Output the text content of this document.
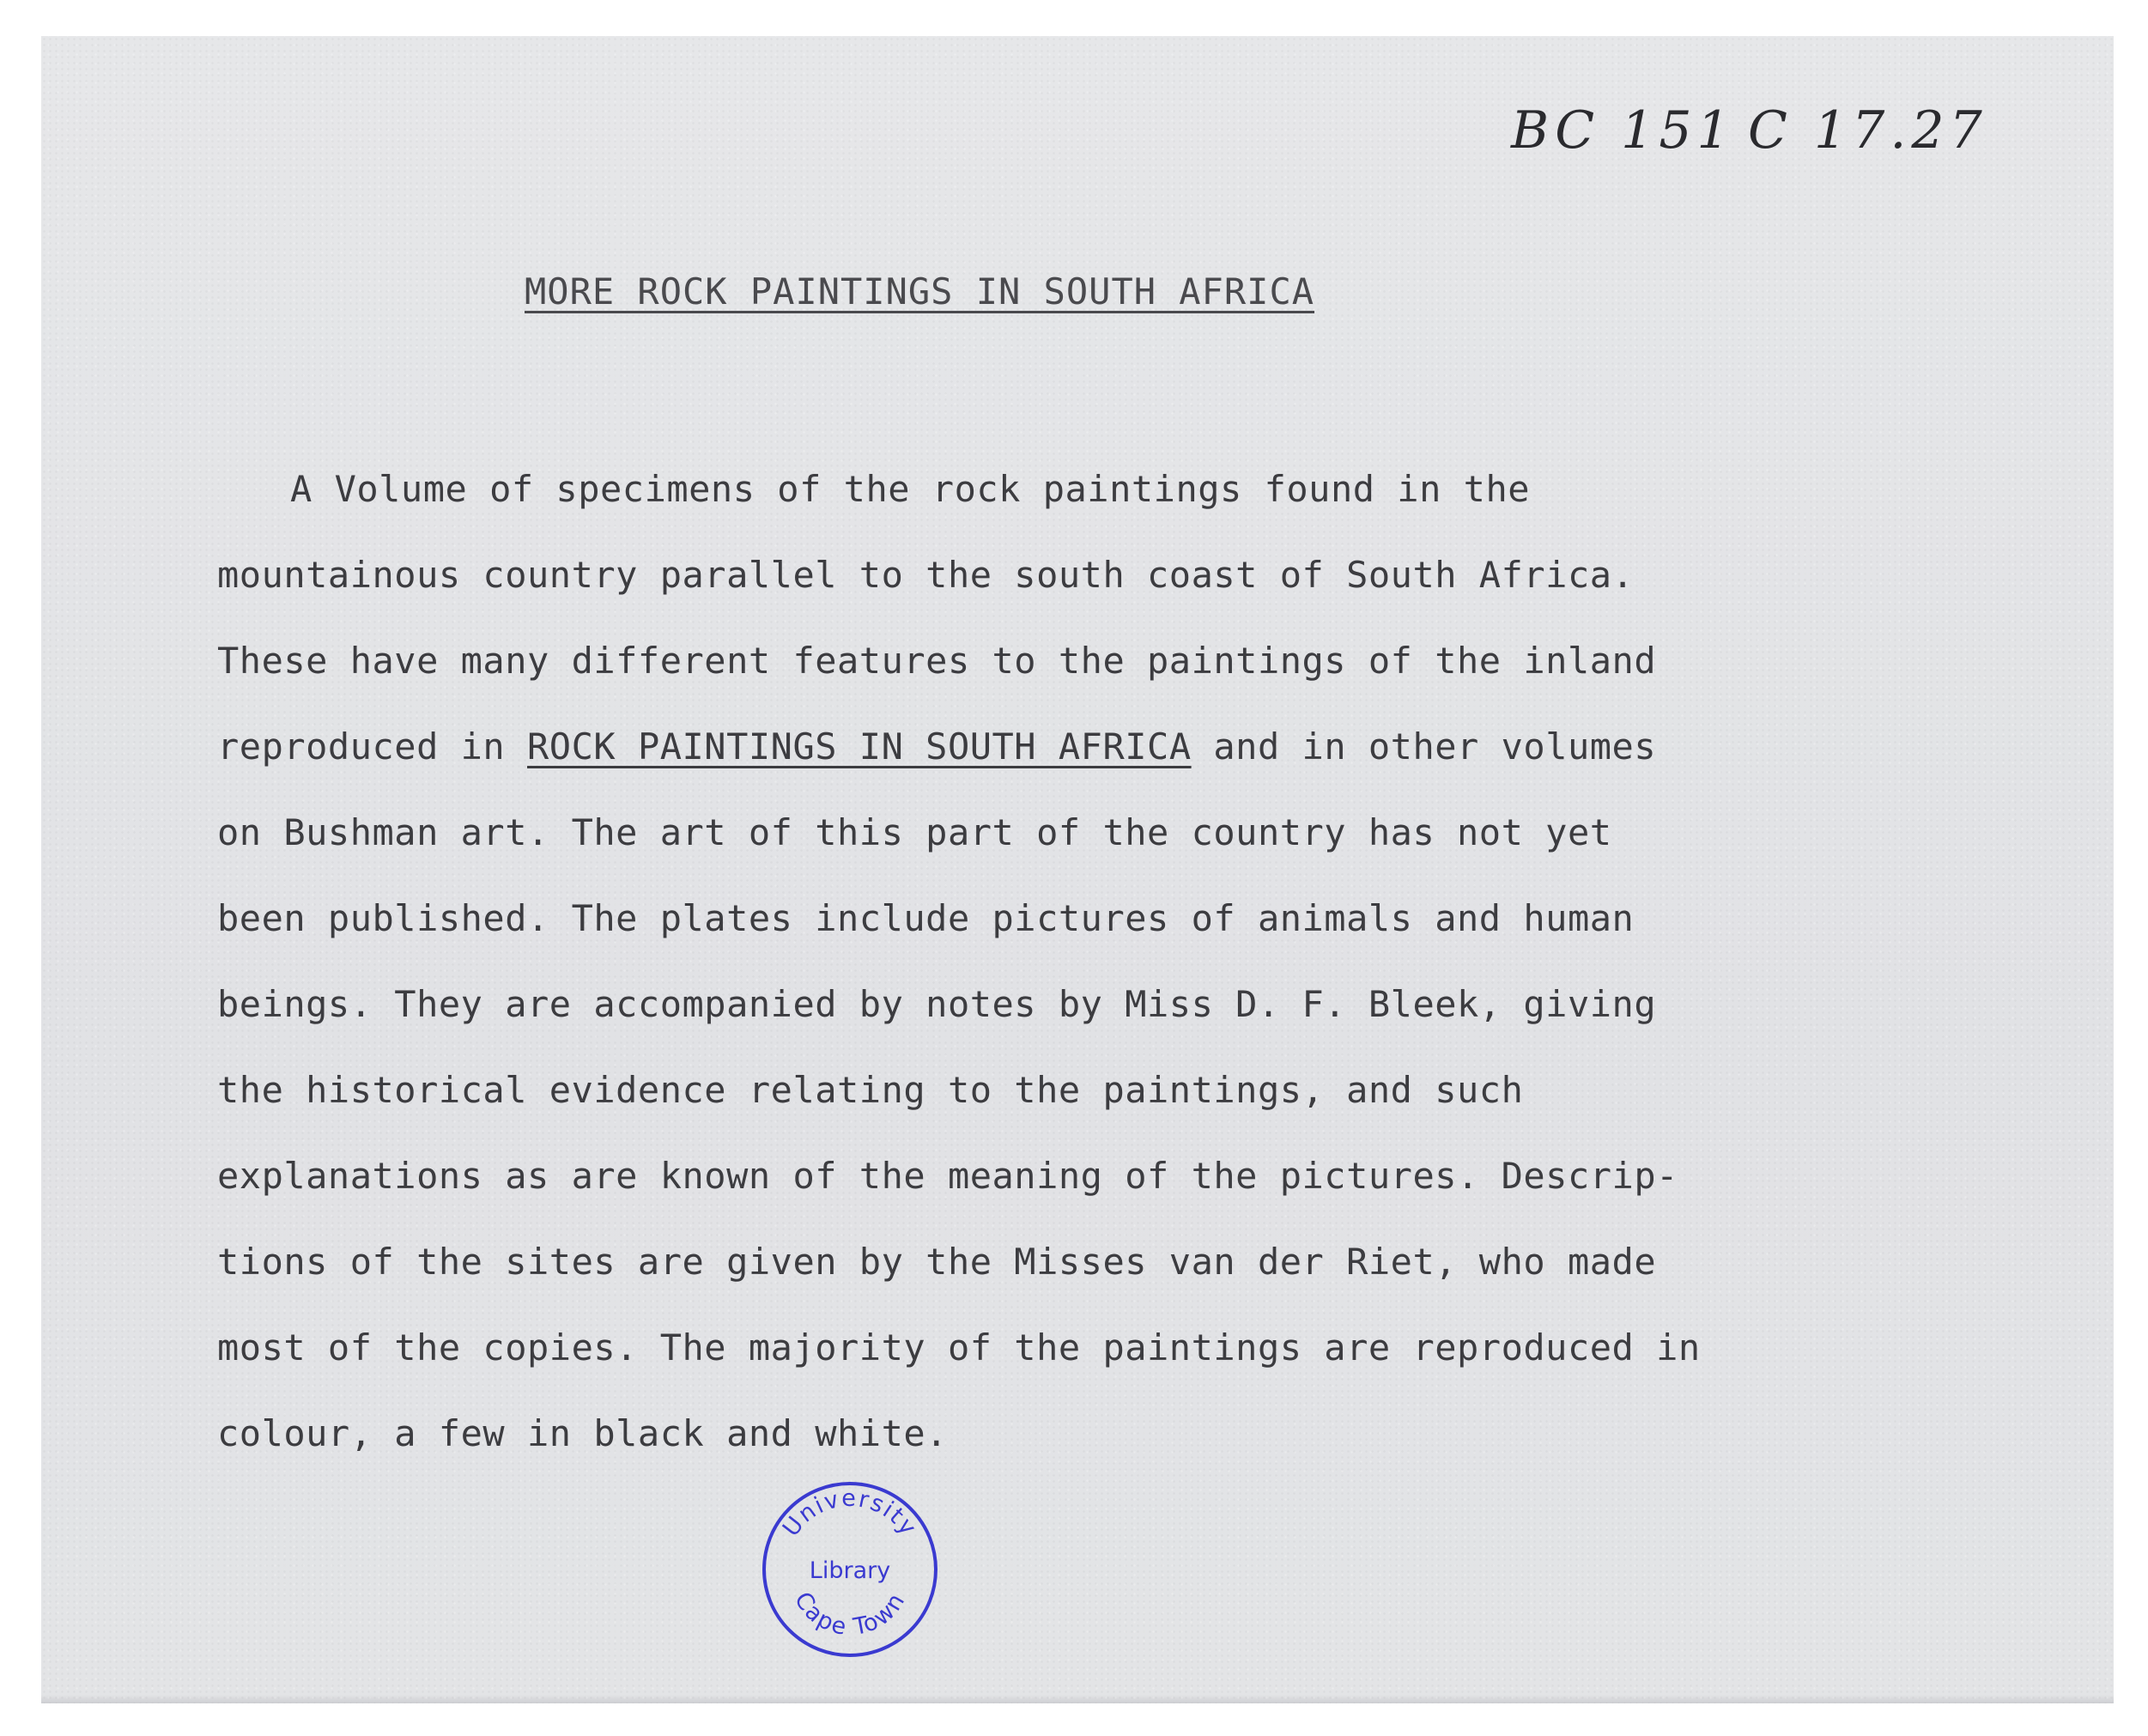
BC 151 C 17.27
MORE ROCK PAINTINGS IN SOUTH AFRICA
A Volume of specimens of the rock paintings found in the
mountainous country parallel to the south coast of South Africa.
These have many different features to the paintings of the inland
reproduced in ROCK PAINTINGS IN SOUTH AFRICA and in other volumes
on Bushman art. The art of this part of the country has not yet
been published. The plates include pictures of animals and human
beings. They are accompanied by notes by Miss D. F. Bleek, giving
the historical evidence relating to the paintings, and such
explanations as are known of the meaning of the pictures. Descrip-
tions of the sites are given by the Misses van der Riet, who made
most of the copies. The majority of the paintings are reproduced in
colour, a few in black and white.
University
Library
Cape Town
